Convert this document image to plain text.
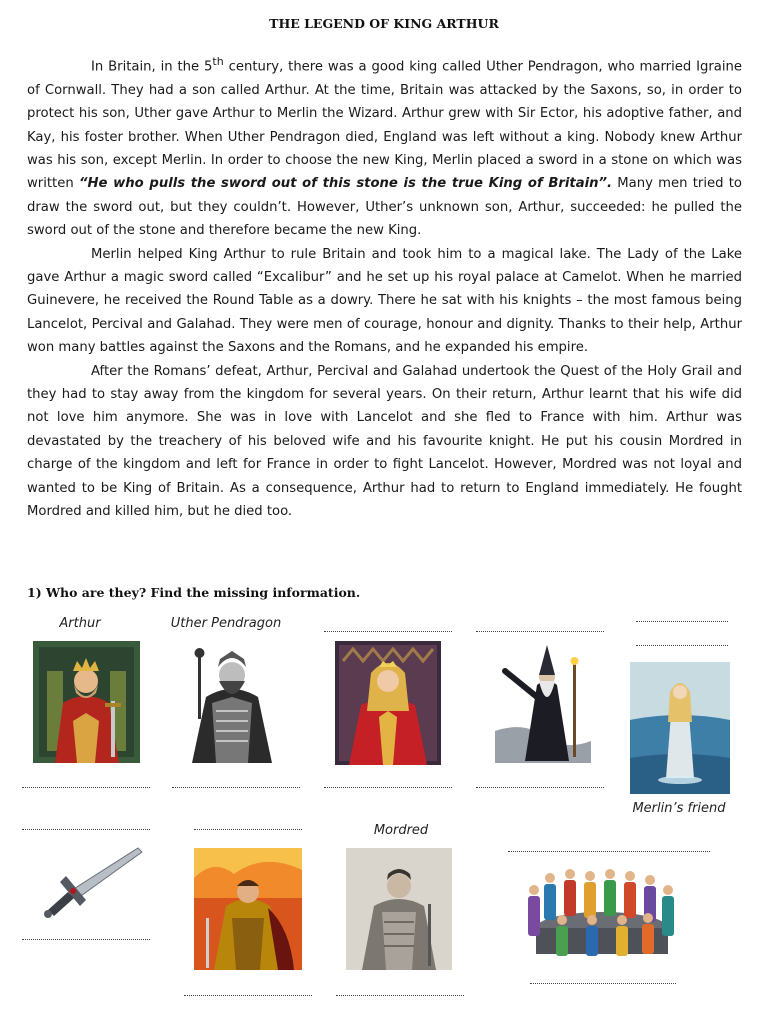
THE LEGEND OF KING ARTHUR

In Britain, in the 5th century, there was a good king called Uther Pendragon, who married Igraine of Cornwall. They had a son called Arthur. At the time, Britain was attacked by the Saxons, so, in order to protect his son, Uther gave Arthur to Merlin the Wizard. Arthur grew with Sir Ector, his adoptive father, and Kay, his foster brother. When Uther Pendragon died, England was left without a king. Nobody knew Arthur was his son, except Merlin. In order to choose the new King, Merlin placed a sword in a stone on which was written “He who pulls the sword out of this stone is the true King of Britain”. Many men tried to draw the sword out, but they couldn’t. However, Uther’s unknown son, Arthur, succeeded: he pulled the sword out of the stone and therefore became the new King.

Merlin helped King Arthur to rule Britain and took him to a magical lake. The Lady of the Lake gave Arthur a magic sword called “Excalibur” and he set up his royal palace at Camelot. When he married Guinevere, he received the Round Table as a dowry. There he sat with his knights – the most famous being Lancelot, Percival and Galahad. They were men of courage, honour and dignity. Thanks to their help, Arthur won many battles against the Saxons and the Romans, and he expanded his empire.

After the Romans’ defeat, Arthur, Percival and Galahad undertook the Quest of the Holy Grail and they had to stay away from the kingdom for several years. On their return, Arthur learnt that his wife did not love him anymore. She was in love with Lancelot and she fled to France with him. Arthur was devastated by the treachery of his beloved wife and his favourite knight. He put his cousin Mordred in charge of the kingdom and left for France in order to fight Lancelot. However, Mordred was not loyal and wanted to be King of Britain. As a consequence, Arthur had to return to England immediately. He fought Mordred and killed him, but he died too.

1) Who are they? Find the missing information.
Arthur	Uther Pendragon
Merlin’s friend
Mordred
